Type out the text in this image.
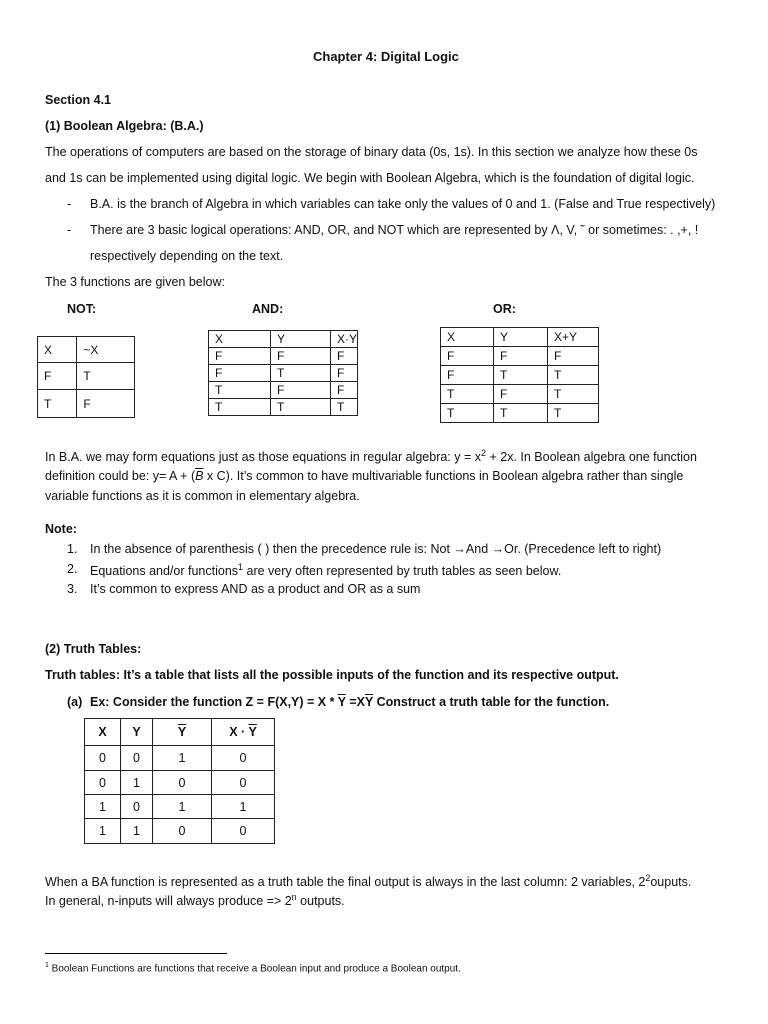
Chapter 4: Digital Logic
Section 4.1
(1) Boolean Algebra: (B.A.)
The operations of computers are based on the storage of binary data (0s, 1s). In this section we analyze how these 0s
and 1s can be implemented using digital logic. We begin with Boolean Algebra, which is the foundation of digital logic.
- B.A. is the branch of Algebra in which variables can take only the values of 0 and 1. (False and True respectively)
- There are 3 basic logical operations: AND, OR, and NOT which are represented by Λ, V, ˜ or sometimes: . ,+, !
respectively depending on the text.
The 3 functions are given below:
NOT:	AND:	OR:
X	~X
F	T
T	F
X	Y	X·Y
F	F	F
F	T	F
T	F	F
T	T	T
X	Y	X+Y
F	F	F
F	T	T
T	F	T
T	T	T
In B.A. we may form equations just as those equations in regular algebra: $y = x^2 + 2x$. In Boolean algebra one function
definition could be: $y= A + (\overline{B}$ x C). It’s common to have multivariable functions in Boolean algebra rather than single
variable functions as it is common in elementary algebra.
Note:
1. In the absence of parenthesis ( ) then the precedence rule is: Not →And →Or. (Precedence left to right)
2. Equations and/or functions$^1$ are very often represented by truth tables as seen below.
3. It’s common to express AND as a product and OR as a sum
(2) Truth Tables:
Truth tables: It’s a table that lists all the possible inputs of the function and its respective output.
(a) Ex: Consider the function $Z = F(X,Y) = X * \overline{Y} =X\overline{Y}$ Construct a truth table for the function.
X	Y	$\overline{Y}$	$X \cdot \overline{Y}$
0	0	1	0
0	1	0	0
1	0	1	1
1	1	0	0
When a BA function is represented as a truth table the final output is always in the last column: 2 variables, $2^2ouputs$.
In general, n-inputs will always produce => $2^n$ outputs.
$^1$ Boolean Functions are functions that receive a Boolean input and produce a Boolean output.
